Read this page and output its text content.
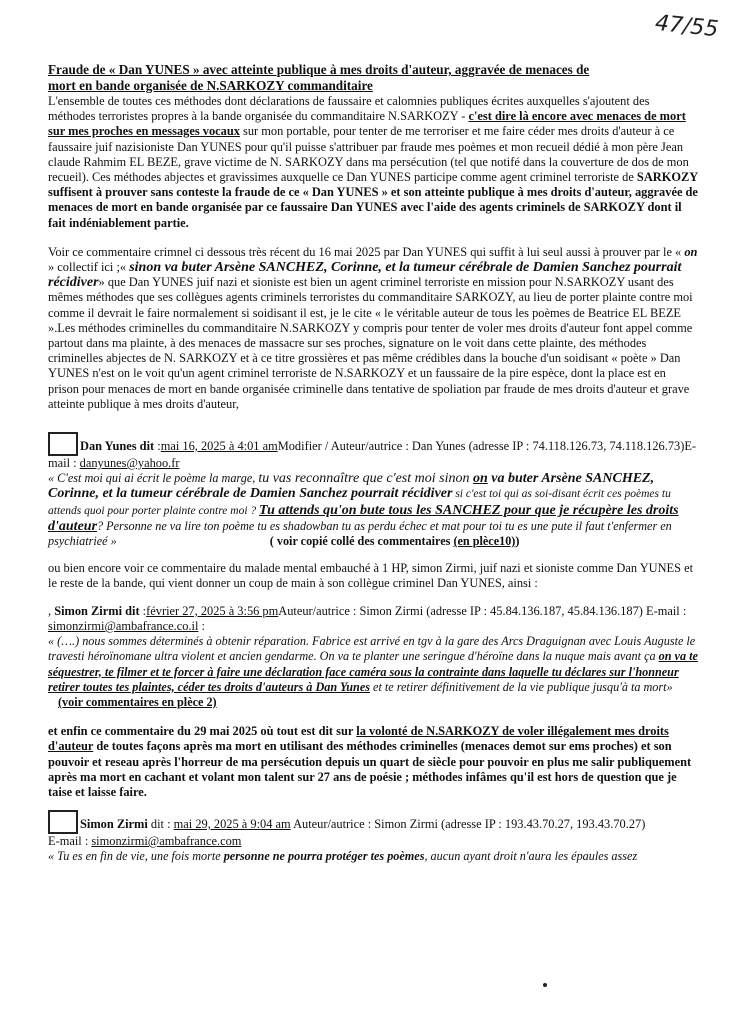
47/55

Fraude de « Dan YUNES » avec atteinte publique à mes droits d'auteur, aggravée de menaces de
mort en bande organisée de N.SARKOZY commanditaire

L'ensemble de toutes ces méthodes dont déclarations de faussaire et calomnies publiques écrites auxquelles s'ajoutent des méthodes terroristes propres à la bande organisée du commanditaire N.SARKOZY - c'est dire là encore avec menaces de mort sur mes proches en messages vocaux sur mon portable, pour tenter de me terroriser et me faire céder mes droits d'auteur à ce faussaire juif nazisioniste Dan YUNES pour qu'il puisse s'attribuer par fraude mes poèmes et mon recueil dédié à mon père Jean claude Rahmim EL BEZE, grave victime de N. SARKOZY dans ma persécution (tel que notifé dans la couverture de dos de mon recueil). Ces méthodes abjectes et gravissimes auxquelle ce Dan YUNES participe comme agent criminel terroriste de SARKOZY suffisent à prouver sans conteste la fraude de ce « Dan YUNES » et son atteinte publique à mes droits d'auteur, aggravée de menaces de mort en bande organisée par ce faussaire Dan YUNES avec l'aide des agents criminels de SARKOZY dont il fait indéniablement partie.

Voir ce commentaire crimnel ci dessous très récent du 16 mai 2025 par Dan YUNES qui suffit à lui seul aussi à prouver par le « on » collectif ici ;« sinon va buter Arsène SANCHEZ, Corinne, et la tumeur cérébrale de Damien Sanchez pourrait récidiver» que Dan YUNES juif nazi et sioniste est bien un agent criminel terroriste en mission pour N.SARKOZY usant des mêmes méthodes que ses collègues agents criminels terroristes du commanditaire SARKOZY, au lieu de porter plainte contre moi comme il devrait le faire normalement si soidisant il est, je le cite « le véritable auteur de tous les poèmes de Beatrice EL BEZE ».Les méthodes criminelles du commanditaire N.SARKOZY y compris pour tenter de voler mes droits d'auteur font appel comme partout dans ma plainte, à des menaces de massacre sur ses proches, signature on le voit dans cette plainte, des méthodes criminelles abjectes de N. SARKOZY et à ce titre grossières et pas même crédibles dans la bouche d'un soidisant « poète » Dan YUNES n'est on le voit qu'un agent criminel terroriste de N.SARKOZY et un faussaire de la pire espèce, dont la place est en prison pour menaces de mort en bande organisée criminelle dans tentative de spoliation par fraude de mes droits d'auteur et grave atteinte publique à mes droits d'auteur,

Dan Yunes dit :mai 16, 2025 à 4:01 amModifier / Auteur/autrice : Dan Yunes (adresse IP : 74.118.126.73, 74.118.126.73)E-mail : danyunes@yahoo.fr

« C'est moi qui ai écrit le poème la marge, tu vas reconnaître que c'est moi sinon on va buter Arsène SANCHEZ, Corinne, et la tumeur cérébrale de Damien Sanchez pourrait récidiver si c'est toi qui as soi-disant écrit ces poèmes tu attends quoi pour porter plainte contre moi ? Tu attends qu'on bute tous les SANCHEZ pour que je récupère les droits d'auteur? Personne ne va lire ton poème tu es shadowban tu as perdu échec et mat pour toi tu es une pute il faut t'enfermer en psychiatrieé »	( voir copié collé des commentaires (en plèce10))

ou bien encore voir ce commentaire du malade mental embauché à 1 HP, simon Zirmi, juif nazi et sioniste comme Dan YUNES et le reste de la bande, qui vient donner un coup de main à son collègue criminel Dan YUNES, ainsi :

, Simon Zirmi dit :février 27, 2025 à 3:56 pmAuteur/autrice : Simon Zirmi (adresse IP : 45.84.136.187, 45.84.136.187) E-mail : simonzirmi@ambafrance.co.il :

« (….) nous sommes déterminés à obtenir réparation. Fabrice est arrivé en tgv à la gare des Arcs Draguignan avec Louis Auguste le travesti héroïnomane ultra violent et ancien gendarme. On va te planter une seringue d'héroïne dans la nuque mais avant ça on va te séquestrer, te filmer et te forcer à faire une déclaration face caméra sous la contrainte dans laquelle tu déclares sur l'honneur retirer toutes tes plaintes, céder tes droits d'auteurs à Dan Yunes et te retirer définitivement de la vie publique jusqu'à ta mort» (voir commentaires en plèce 2)

et enfin ce commentaire du 29 mai 2025 où tout est dit sur la volonté de N.SARKOZY de voler illégalement mes droits d'auteur de toutes façons après ma mort en utilisant des méthodes criminelles (menaces demot sur ems proches) et son pouvoir et reseau après l'horreur de ma persécution depuis un quart de siècle pour pouvoir en plus me salir publiquement après ma mort en cachant et volant mon talent sur 27 ans de poésie ; méthodes infâmes qu'il est hors de question que je taise et laisse faire.

Simon Zirmi dit : mai 29, 2025 à 9:04 am Auteur/autrice : Simon Zirmi (adresse IP : 193.43.70.27, 193.43.70.27)
E-mail : simonzirmi@ambafrance.com

« Tu es en fin de vie, une fois morte personne ne pourra protéger tes poèmes, aucun ayant droit n'aura les épaules assez
